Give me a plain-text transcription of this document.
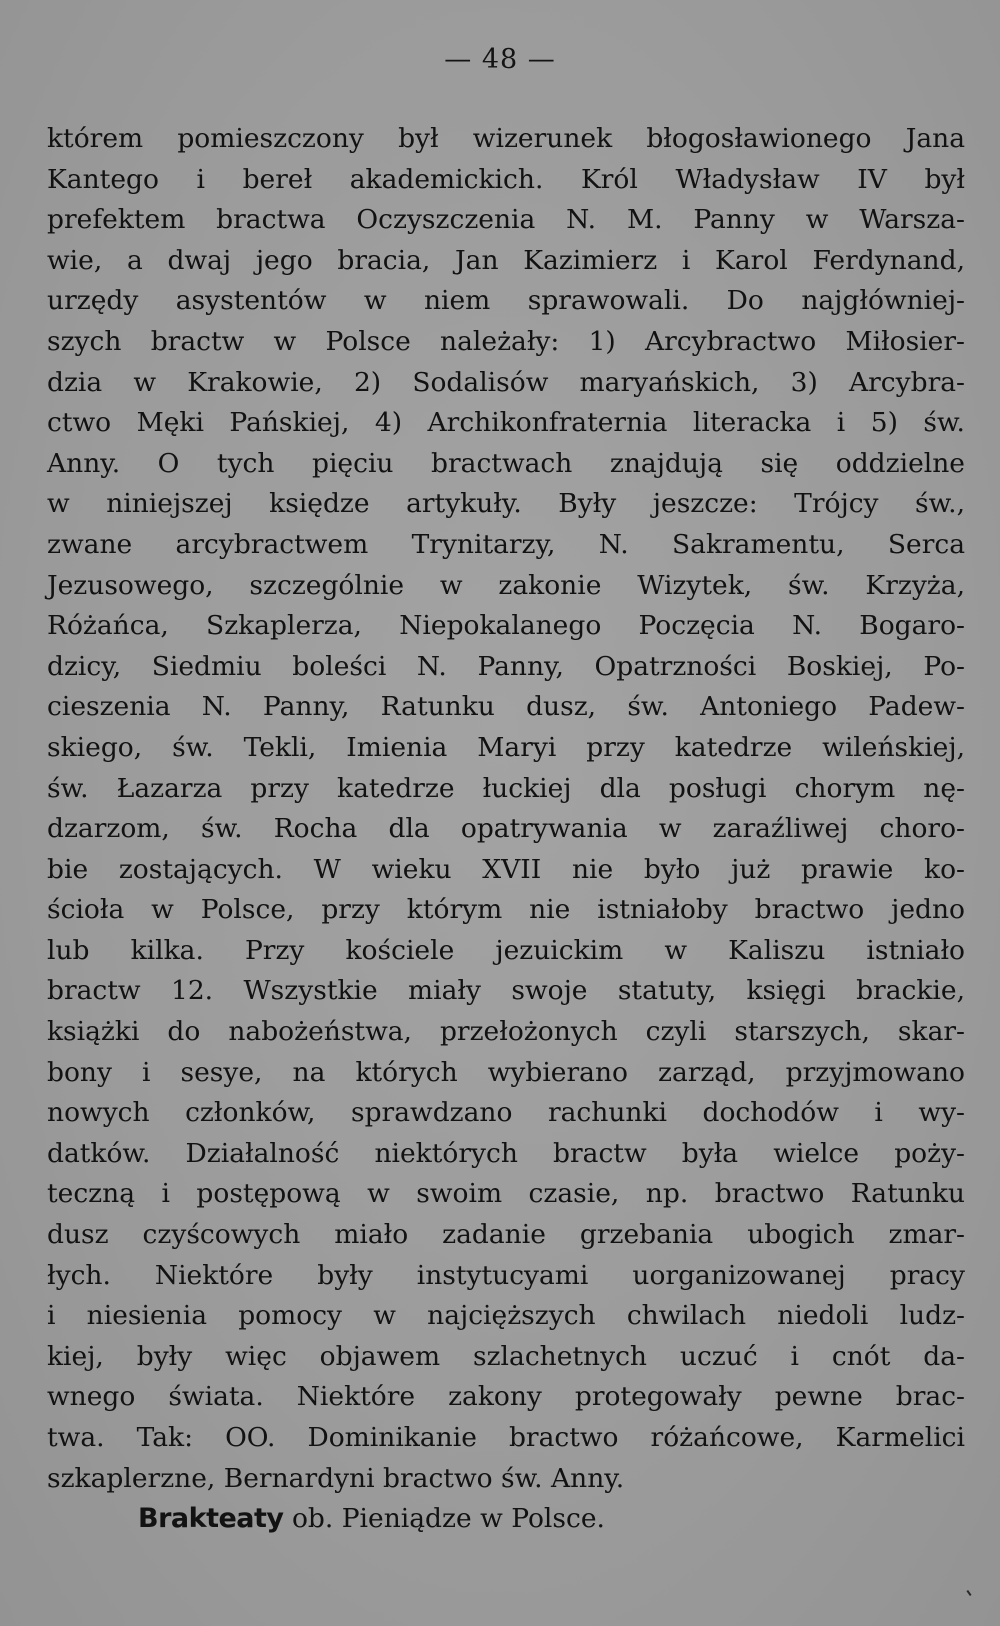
— 48 —
którem pomieszczony był wizerunek błogosławionego Jana
Kantego i bereł akademickich. Król Władysław IV był
prefektem bractwa Oczyszczenia N. M. Panny w Warsza-
wie, a dwaj jego bracia, Jan Kazimierz i Karol Ferdynand,
urzędy asystentów w niem sprawowali. Do najgłówniej-
szych bractw w Polsce należały: 1) Arcybractwo Miłosier-
dzia w Krakowie, 2) Sodalisów maryańskich, 3) Arcybra-
ctwo Męki Pańskiej, 4) Archikonfraternia literacka i 5) św.
Anny. O tych pięciu bractwach znajdują się oddzielne
w niniejszej księdze artykuły. Były jeszcze: Trójcy św.,
zwane arcybractwem Trynitarzy, N. Sakramentu, Serca
Jezusowego, szczególnie w zakonie Wizytek, św. Krzyża,
Różańca, Szkaplerza, Niepokalanego Poczęcia N. Bogaro-
dzicy, Siedmiu boleści N. Panny, Opatrzności Boskiej, Po-
cieszenia N. Panny, Ratunku dusz, św. Antoniego Padew-
skiego, św. Tekli, Imienia Maryi przy katedrze wileńskiej,
św. Łazarza przy katedrze łuckiej dla posługi chorym nę-
dzarzom, św. Rocha dla opatrywania w zaraźliwej choro-
bie zostających. W wieku XVII nie było już prawie ko-
ścioła w Polsce, przy którym nie istniałoby bractwo jedno
lub kilka. Przy kościele jezuickim w Kaliszu istniało
bractw 12. Wszystkie miały swoje statuty, księgi brackie,
książki do nabożeństwa, przełożonych czyli starszych, skar-
bony i sesye, na których wybierano zarząd, przyjmowano
nowych członków, sprawdzano rachunki dochodów i wy-
datków. Działalność niektórych bractw była wielce poży-
teczną i postępową w swoim czasie, np. bractwo Ratunku
dusz czyścowych miało zadanie grzebania ubogich zmar-
łych. Niektóre były instytucyami uorganizowanej pracy
i niesienia pomocy w najcięższych chwilach niedoli ludz-
kiej, były więc objawem szlachetnych uczuć i cnót da-
wnego świata. Niektóre zakony protegowały pewne brac-
twa. Tak: OO. Dominikanie bractwo różańcowe, Karmelici
szkaplerzne, Bernardyni bractwo św. Anny.
Brakteaty ob. Pieniądze w Polsce.
